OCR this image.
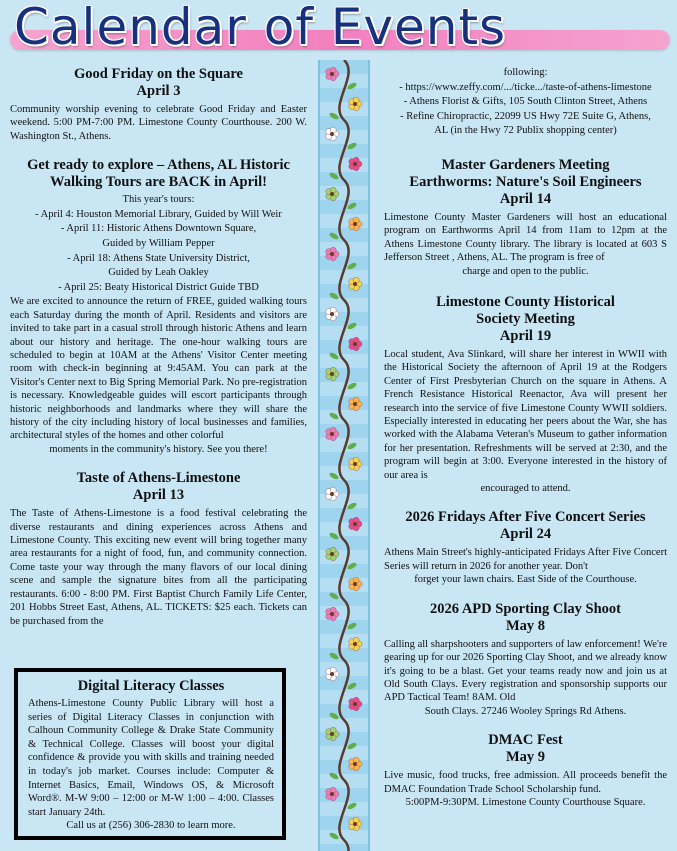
Calendar of Events
Good Friday on the Square
April 3

Community worship evening to celebrate Good Friday and Easter weekend. 5:00 PM-7:00 PM. Limestone County Courthouse. 200 W. Washington St., Athens.

Get ready to explore – Athens, AL Historic
Walking Tours are BACK in April!
This year's tours:
- April 4: Houston Memorial Library, Guided by Will Weir
- April 11: Historic Athens Downtown Square,
Guided by William Pepper
- April 18: Athens State University District,
Guided by Leah Oakley
- April 25: Beaty Historical District Guide TBD

We are excited to announce the return of FREE, guided walking tours each Saturday during the month of April. Residents and visitors are invited to take part in a casual stroll through historic Athens and learn about our history and heritage. The one-hour walking tours are scheduled to begin at 10AM at the Athens' Visitor Center meeting room with check-in beginning at 9:45AM. You can park at the Visitor's Center next to Big Spring Memorial Park. No pre-registration is necessary. Knowledgeable guides will escort participants through historic neighborhoods and landmarks where they will share the history of the city including history of local businesses and families, architectural styles of the homes and other colorful

moments in the community's history. See you there!

Taste of Athens-Limestone
April 13

The Taste of Athens-Limestone is a food festival celebrating the diverse restaurants and dining experiences across Athens and Limestone County. This exciting new event will bring together many area restaurants for a night of food, fun, and community connection. Come taste your way through the many flavors of our local dining scene and sample the signature bites from all the participating restaurants. 6:00 - 8:00 PM. First Baptist Church Family Life Center, 201 Hobbs Street East, Athens, AL. TICKETS: $25 each. Tickets can be purchased from the

Digital Literacy Classes

Athens-Limestone County Public Library will host a series of Digital Literacy Classes in conjunction with Calhoun Community College & Drake State Community & Technical College. Classes will boost your digital confidence & provide you with skills and training needed in today's job market. Courses include: Computer & Internet Basics, Email, Windows OS, & Microsoft Word®. M-W 9:00 – 12:00 or M-W 1:00 – 4:00. Classes start January 24th.

Call us at (256) 306-2830 to learn more.

following:
- https://www.zeffy.com/.../ticke.../taste-of-athens-limestone
- Athens Florist & Gifts, 105 South Clinton Street, Athens
- Refine Chiropractic, 22099 US Hwy 72E Suite G, Athens,
AL (in the Hwy 72 Publix shopping center)
Master Gardeners Meeting
Earthworms: Nature's Soil Engineers
April 14

Limestone County Master Gardeners will host an educational program on Earthworms April 14 from 11am to 12pm at the Athens Limestone County library. The library is located at 603 S Jefferson Street , Athens, AL. The program is free of

charge and open to the public.

Limestone County Historical
Society Meeting
April 19

Local student, Ava Slinkard, will share her interest in WWII with the Historical Society the afternoon of April 19 at the Rodgers Center of First Presbyterian Church on the square in Athens. A French Resistance Historical Reenactor, Ava will present her research into the service of five Limestone County WWII soldiers. Especially interested in educating her peers about the War, she has worked with the Alabama Veteran's Museum to gather information for her presentation. Refreshments will be served at 2:30, and the program will begin at 3:00. Everyone interested in the history of our area is

encouraged to attend.

2026 Fridays After Five Concert Series
April 24

Athens Main Street's highly-anticipated Fridays After Five Concert Series will return in 2026 for another year. Don't

forget your lawn chairs. East Side of the Courthouse.

2026 APD Sporting Clay Shoot
May 8

Calling all sharpshooters and supporters of law enforcement! We're gearing up for our 2026 Sporting Clay Shoot, and we already know it's going to be a blast. Get your teams ready now and join us at Old South Clays. Every registration and sponsorship supports our APD Tactical Team! 8AM. Old

South Clays. 27246 Wooley Springs Rd Athens.

DMAC Fest
May 9

Live music, food trucks, free admission. All proceeds benefit the DMAC Foundation Trade School Scholarship fund.

5:00PM-9:30PM. Limestone County Courthouse Square.
